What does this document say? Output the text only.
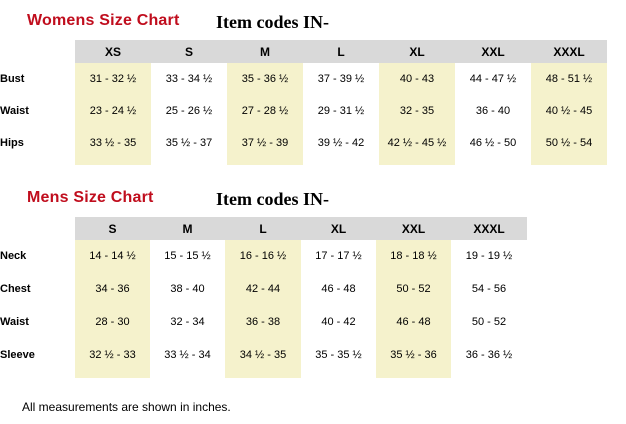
Womens Size Chart Item codes IN-
	XS	S	M	L	XL	XXL	XXXL
Bust	31 - 32 ½	33 - 34 ½	35 - 36 ½	37 - 39 ½	40 - 43	44 - 47 ½	48 - 51 ½
Waist	23 - 24 ½	25 - 26 ½	27 - 28 ½	29 - 31 ½	32 - 35	36 - 40	40 ½ - 45
Hips	33 ½ - 35	35 ½ - 37	37 ½ - 39	39 ½ - 42	42 ½ - 45 ½	46 ½ - 50	50 ½ - 54

Mens Size Chart	Item codes IN-
	S	M	L	XL	XXL	XXXL
Neck	14 - 14 ½	15 - 15 ½	16 - 16 ½	17 - 17 ½	18 - 18 ½	19 - 19 ½
Chest	34 - 36	38 - 40	42 - 44	46 - 48	50 - 52	54 - 56
Waist	28 - 30	32 - 34	36 - 38	40 - 42	46 - 48	50 - 52
Sleeve	32 ½ - 33	33 ½ - 34	34 ½ - 35	35 - 35 ½	35 ½ - 36	36 - 36 ½

All measurements are shown in inches.
